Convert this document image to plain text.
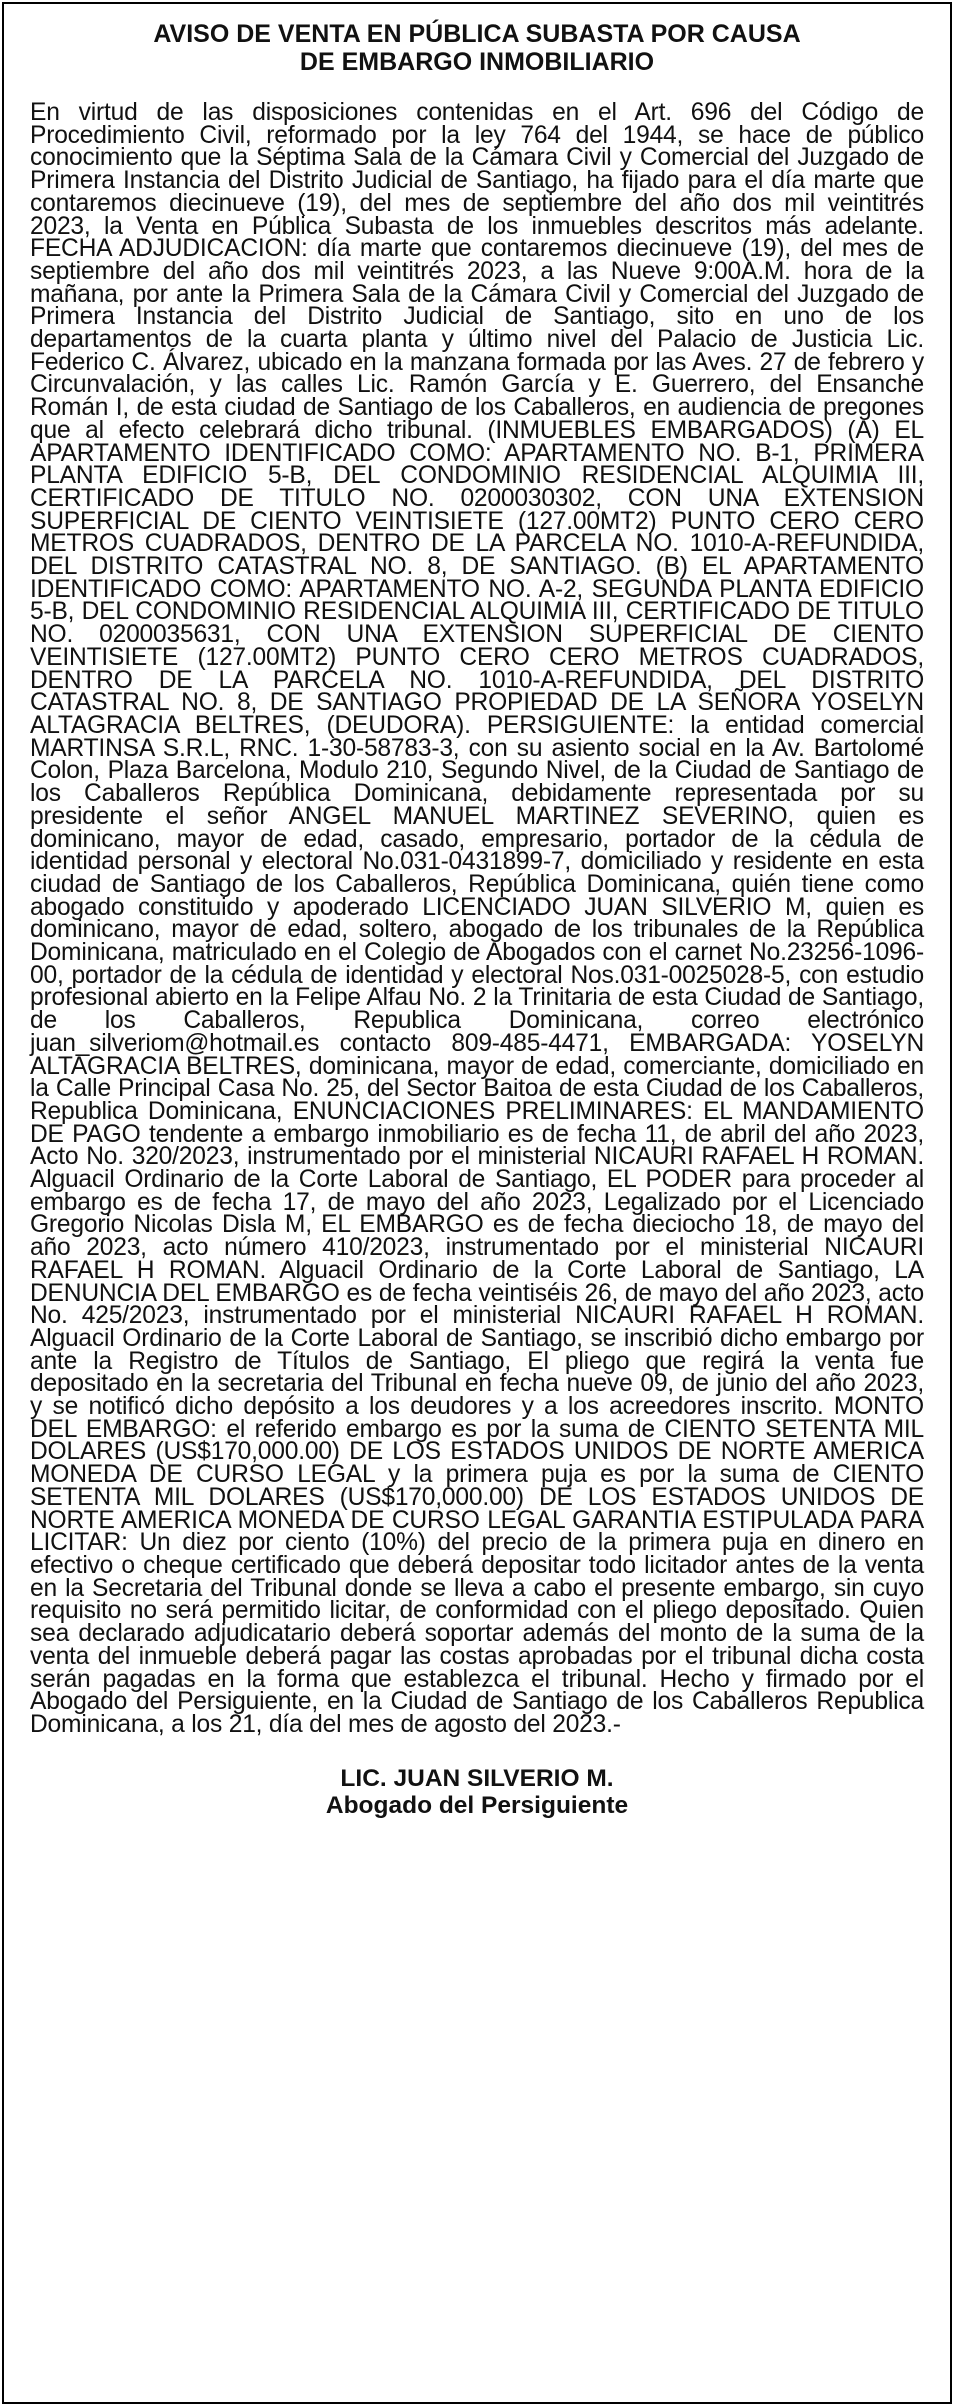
AVISO DE VENTA EN PÚBLICA SUBASTA POR CAUSA
DE EMBARGO INMOBILIARIO

En virtud de las disposiciones contenidas en el Art. 696 del Código de Procedimiento Civil, reformado por la ley 764 del 1944, se hace de público conocimiento que la Séptima Sala de la Cámara Civil y Comercial del Juzgado de Primera Instancia del Distrito Judicial de Santiago, ha fijado para el día marte que contaremos diecinueve (19), del mes de septiembre del año dos mil veintitrés 2023, la Venta en Pública Subasta de los inmuebles descritos más adelante. FECHA ADJUDICACION: día marte que contaremos diecinueve (19), del mes de septiembre del año dos mil veintitrés 2023, a las Nueve 9:00A.M. hora de la mañana, por ante la Primera Sala de la Cámara Civil y Comercial del Juzgado de Primera Instancia del Distrito Judicial de Santiago, sito en uno de los departamentos de la cuarta planta y último nivel del Palacio de Justicia Lic. Federico C. Álvarez, ubicado en la manzana formada por las Aves. 27 de febrero y Circunvalación, y las calles Lic. Ramón García y E. Guerrero, del Ensanche Román I, de esta ciudad de Santiago de los Caballeros, en audiencia de pregones que al efecto celebrará dicho tribunal. (INMUEBLES EMBARGADOS) (A) EL APARTAMENTO IDENTIFICADO COMO: APARTAMENTO NO. B-1, PRIMERA PLANTA EDIFICIO 5-B, DEL CONDOMINIO RESIDENCIAL ALQUIMIA III, CERTIFICADO DE TITULO NO. 0200030302, CON UNA EXTENSION SUPERFICIAL DE CIENTO VEINTISIETE (127.00MT2) PUNTO CERO CERO METROS CUADRADOS, DENTRO DE LA PARCELA NO. 1010-A-REFUNDIDA, DEL DISTRITO CATASTRAL NO. 8, DE SANTIAGO. (B) EL APARTAMENTO IDENTIFICADO COMO: APARTAMENTO NO. A-2, SEGUNDA PLANTA EDIFICIO 5-B, DEL CONDOMINIO RESIDENCIAL ALQUIMIA III, CERTIFICADO DE TITULO NO. 0200035631, CON UNA EXTENSION SUPERFICIAL DE CIENTO VEINTISIETE (127.00MT2) PUNTO CERO CERO METROS CUADRADOS, DENTRO DE LA PARCELA NO. 1010-A-REFUNDIDA, DEL DISTRITO CATASTRAL NO. 8, DE SANTIAGO PROPIEDAD DE LA SEÑORA YOSELYN ALTAGRACIA BELTRES, (DEUDORA). PERSIGUIENTE: la entidad comercial MARTINSA S.R.L, RNC. 1-30-58783-3, con su asiento social en la Av. Bartolomé Colon, Plaza Barcelona, Modulo 210, Segundo Nivel, de la Ciudad de Santiago de los Caballeros República Dominicana, debidamente representada por su presidente el señor ANGEL MANUEL MARTINEZ SEVERINO, quien es dominicano, mayor de edad, casado, empresario, portador de la cédula de identidad personal y electoral No.031-0431899-7, domiciliado y residente en esta ciudad de Santiago de los Caballeros, República Dominicana, quién tiene como abogado constituido y apoderado LICENCIADO JUAN SILVERIO M, quien es dominicano, mayor de edad, soltero, abogado de los tribunales de la República Dominicana, matriculado en el Colegio de Abogados con el carnet No.23256-1096-00, portador de la cédula de identidad y electoral Nos.031-0025028-5, con estudio profesional abierto en la Felipe Alfau No. 2 la Trinitaria de esta Ciudad de Santiago, de los Caballeros, Republica Dominicana, correo electrónico juan_silveriom@hotmail.es contacto 809-485-4471, EMBARGADA: YOSELYN ALTAGRACIA BELTRES, dominicana, mayor de edad, comerciante, domiciliado en la Calle Principal Casa No. 25, del Sector Baitoa de esta Ciudad de los Caballeros, Republica Dominicana, ENUNCIACIONES PRELIMINARES: EL MANDAMIENTO DE PAGO tendente a embargo inmobiliario es de fecha 11, de abril del año 2023, Acto No. 320/2023, instrumentado por el ministerial NICAURI RAFAEL H ROMAN. Alguacil Ordinario de la Corte Laboral de Santiago, EL PODER para proceder al embargo es de fecha 17, de mayo del año 2023, Legalizado por el Licenciado Gregorio Nicolas Disla M, EL EMBARGO es de fecha dieciocho 18, de mayo del año 2023, acto número 410/2023, instrumentado por el ministerial NICAURI RAFAEL H ROMAN. Alguacil Ordinario de la Corte Laboral de Santiago, LA DENUNCIA DEL EMBARGO es de fecha veintiséis 26, de mayo del año 2023, acto No. 425/2023, instrumentado por el ministerial NICAURI RAFAEL H ROMAN. Alguacil Ordinario de la Corte Laboral de Santiago, se inscribió dicho embargo por ante la Registro de Títulos de Santiago, El pliego que regirá la venta fue depositado en la secretaria del Tribunal en fecha nueve 09, de junio del año 2023, y se notificó dicho depósito a los deudores y a los acreedores inscrito. MONTO DEL EMBARGO: el referido embargo es por la suma de CIENTO SETENTA MIL DOLARES (US$170,000.00) DE LOS ESTADOS UNIDOS DE NORTE AMERICA MONEDA DE CURSO LEGAL y la primera puja es por la suma de CIENTO SETENTA MIL DOLARES (US$170,000.00) DE LOS ESTADOS UNIDOS DE NORTE AMERICA MONEDA DE CURSO LEGAL GARANTIA ESTIPULADA PARA LICITAR: Un diez por ciento (10%) del precio de la primera puja en dinero en efectivo o cheque certificado que deberá depositar todo licitador antes de la venta en la Secretaria del Tribunal donde se lleva a cabo el presente embargo, sin cuyo requisito no será permitido licitar, de conformidad con el pliego depositado. Quien sea declarado adjudicatario deberá soportar además del monto de la suma de la venta del inmueble deberá pagar las costas aprobadas por el tribunal dicha costa serán pagadas en la forma que establezca el tribunal. Hecho y firmado por el Abogado del Persiguiente, en la Ciudad de Santiago de los Caballeros Republica Dominicana, a los 21, día del mes de agosto del 2023.-

LIC. JUAN SILVERIO M.
Abogado del Persiguiente
